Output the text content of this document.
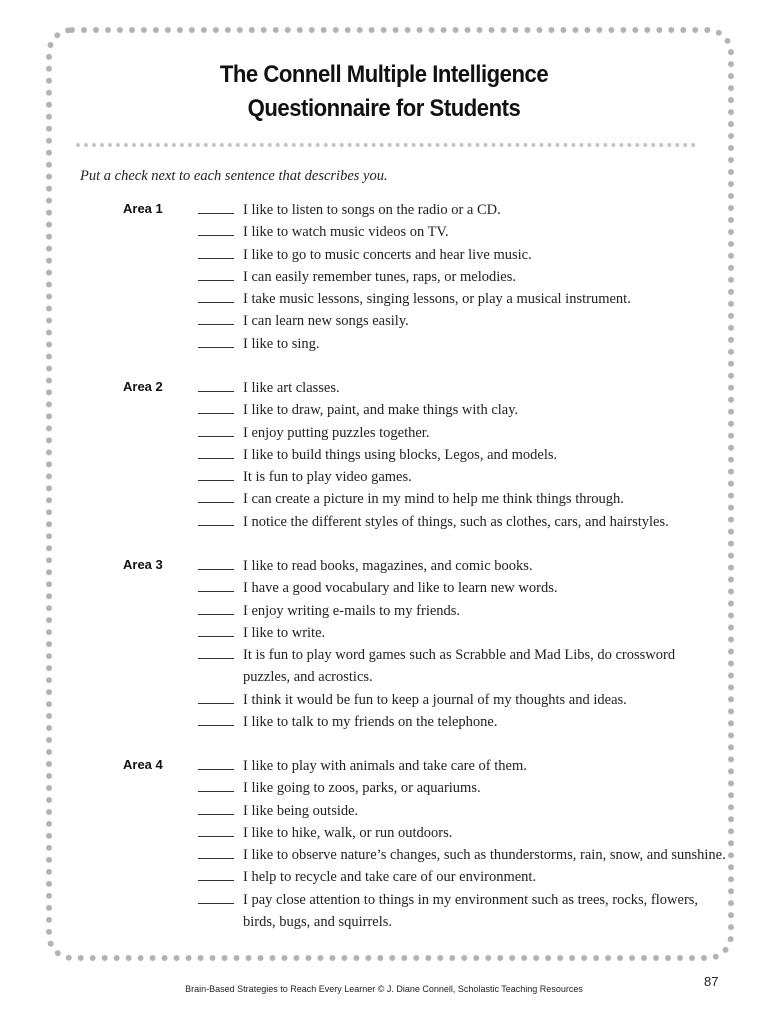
The Connell Multiple Intelligence
Questionnaire for Students
Put a check next to each sentence that describes you.
Area 1	I like to listen to songs on the radio or a CD.
I like to watch music videos on TV.
I like to go to music concerts and hear live music.
I can easily remember tunes, raps, or melodies.
I take music lessons, singing lessons, or play a musical instrument.
I can learn new songs easily.
I like to sing.
Area 2	I like art classes.
I like to draw, paint, and make things with clay.
I enjoy putting puzzles together.
I like to build things using blocks, Legos, and models.
It is fun to play video games.
I can create a picture in my mind to help me think things through.
I notice the different styles of things, such as clothes, cars, and hairstyles.
Area 3	I like to read books, magazines, and comic books.
I have a good vocabulary and like to learn new words.
I enjoy writing e-mails to my friends.
I like to write.
It is fun to play word games such as Scrabble and Mad Libs, do crossword puzzles, and acrostics.
I think it would be fun to keep a journal of my thoughts and ideas.
I like to talk to my friends on the telephone.
Area 4	I like to play with animals and take care of them.
I like going to zoos, parks, or aquariums.
I like being outside.
I like to hike, walk, or run outdoors.
I like to observe nature’s changes, such as thunderstorms, rain, snow, and sunshine.
I help to recycle and take care of our environment.
I pay close attention to things in my environment such as trees, rocks, flowers, birds, bugs, and squirrels.
87
Brain-Based Strategies to Reach Every Learner © J. Diane Connell, Scholastic Teaching Resources
